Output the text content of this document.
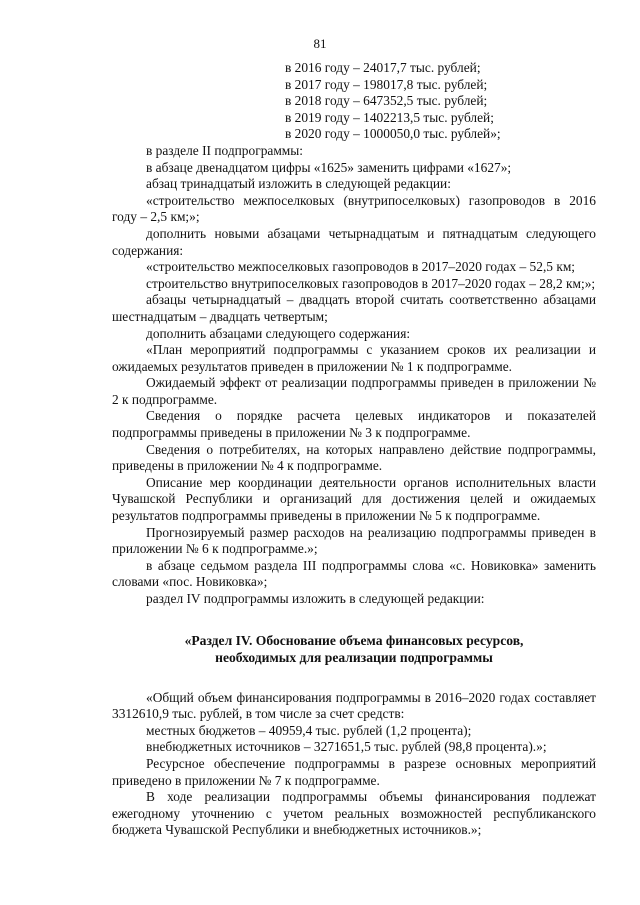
81
в 2016 году – 24017,7 тыс. рублей;
в 2017 году – 198017,8 тыс. рублей;
в 2018 году – 647352,5 тыс. рублей;
в 2019 году – 1402213,5 тыс. рублей;
в 2020 году – 1000050,0 тыс. рублей»;

в разделе II подпрограммы:

в абзаце двенадцатом цифры «1625» заменить цифрами «1627»;

абзац тринадцатый изложить в следующей редакции:

«строительство межпоселковых (внутрипоселковых) газопроводов в 2016 году – 2,5 км;»;

дополнить новыми абзацами четырнадцатым и пятнадцатым следующего содержания:

«строительство межпоселковых газопроводов в 2017–2020 годах – 52,5 км;

строительство внутрипоселковых газопроводов в 2017–2020 годах – 28,2 км;»;

абзацы четырнадцатый – двадцать второй считать соответственно абзацами шестнадцатым – двадцать четвертым;

дополнить абзацами следующего содержания:

«План мероприятий подпрограммы с указанием сроков их реализации и ожидаемых результатов приведен в приложении № 1 к подпрограмме.

Ожидаемый эффект от реализации подпрограммы приведен в приложении № 2 к подпрограмме.

Сведения о порядке расчета целевых индикаторов и показателей подпрограммы приведены в приложении № 3 к подпрограмме.

Сведения о потребителях, на которых направлено действие подпрограммы, приведены в приложении № 4 к подпрограмме.

Описание мер координации деятельности органов исполнительных власти Чувашской Республики и организаций для достижения целей и ожидаемых результатов подпрограммы приведены в приложении № 5 к подпрограмме.

Прогнозируемый размер расходов на реализацию подпрограммы приведен в приложении № 6 к подпрограмме.»;

в абзаце седьмом раздела III подпрограммы слова «с. Новиковка» заменить словами «пос. Новиковка»;

раздел IV подпрограммы изложить в следующей редакции:

«Раздел IV. Обоснование объема финансовых ресурсов,
необходимых для реализации подпрограммы

«Общий объем финансирования подпрограммы в 2016–2020 годах составляет 3312610,9 тыс. рублей, в том числе за счет средств:

местных бюджетов – 40959,4 тыс. рублей (1,2 процента);

внебюджетных источников – 3271651,5 тыс. рублей (98,8 процента).»;

Ресурсное обеспечение подпрограммы в разрезе основных мероприятий приведено в приложении № 7 к подпрограмме.

В ходе реализации подпрограммы объемы финансирования подлежат ежегодному уточнению с учетом реальных возможностей республиканского бюджета Чувашской Республики и внебюджетных источников.»;
